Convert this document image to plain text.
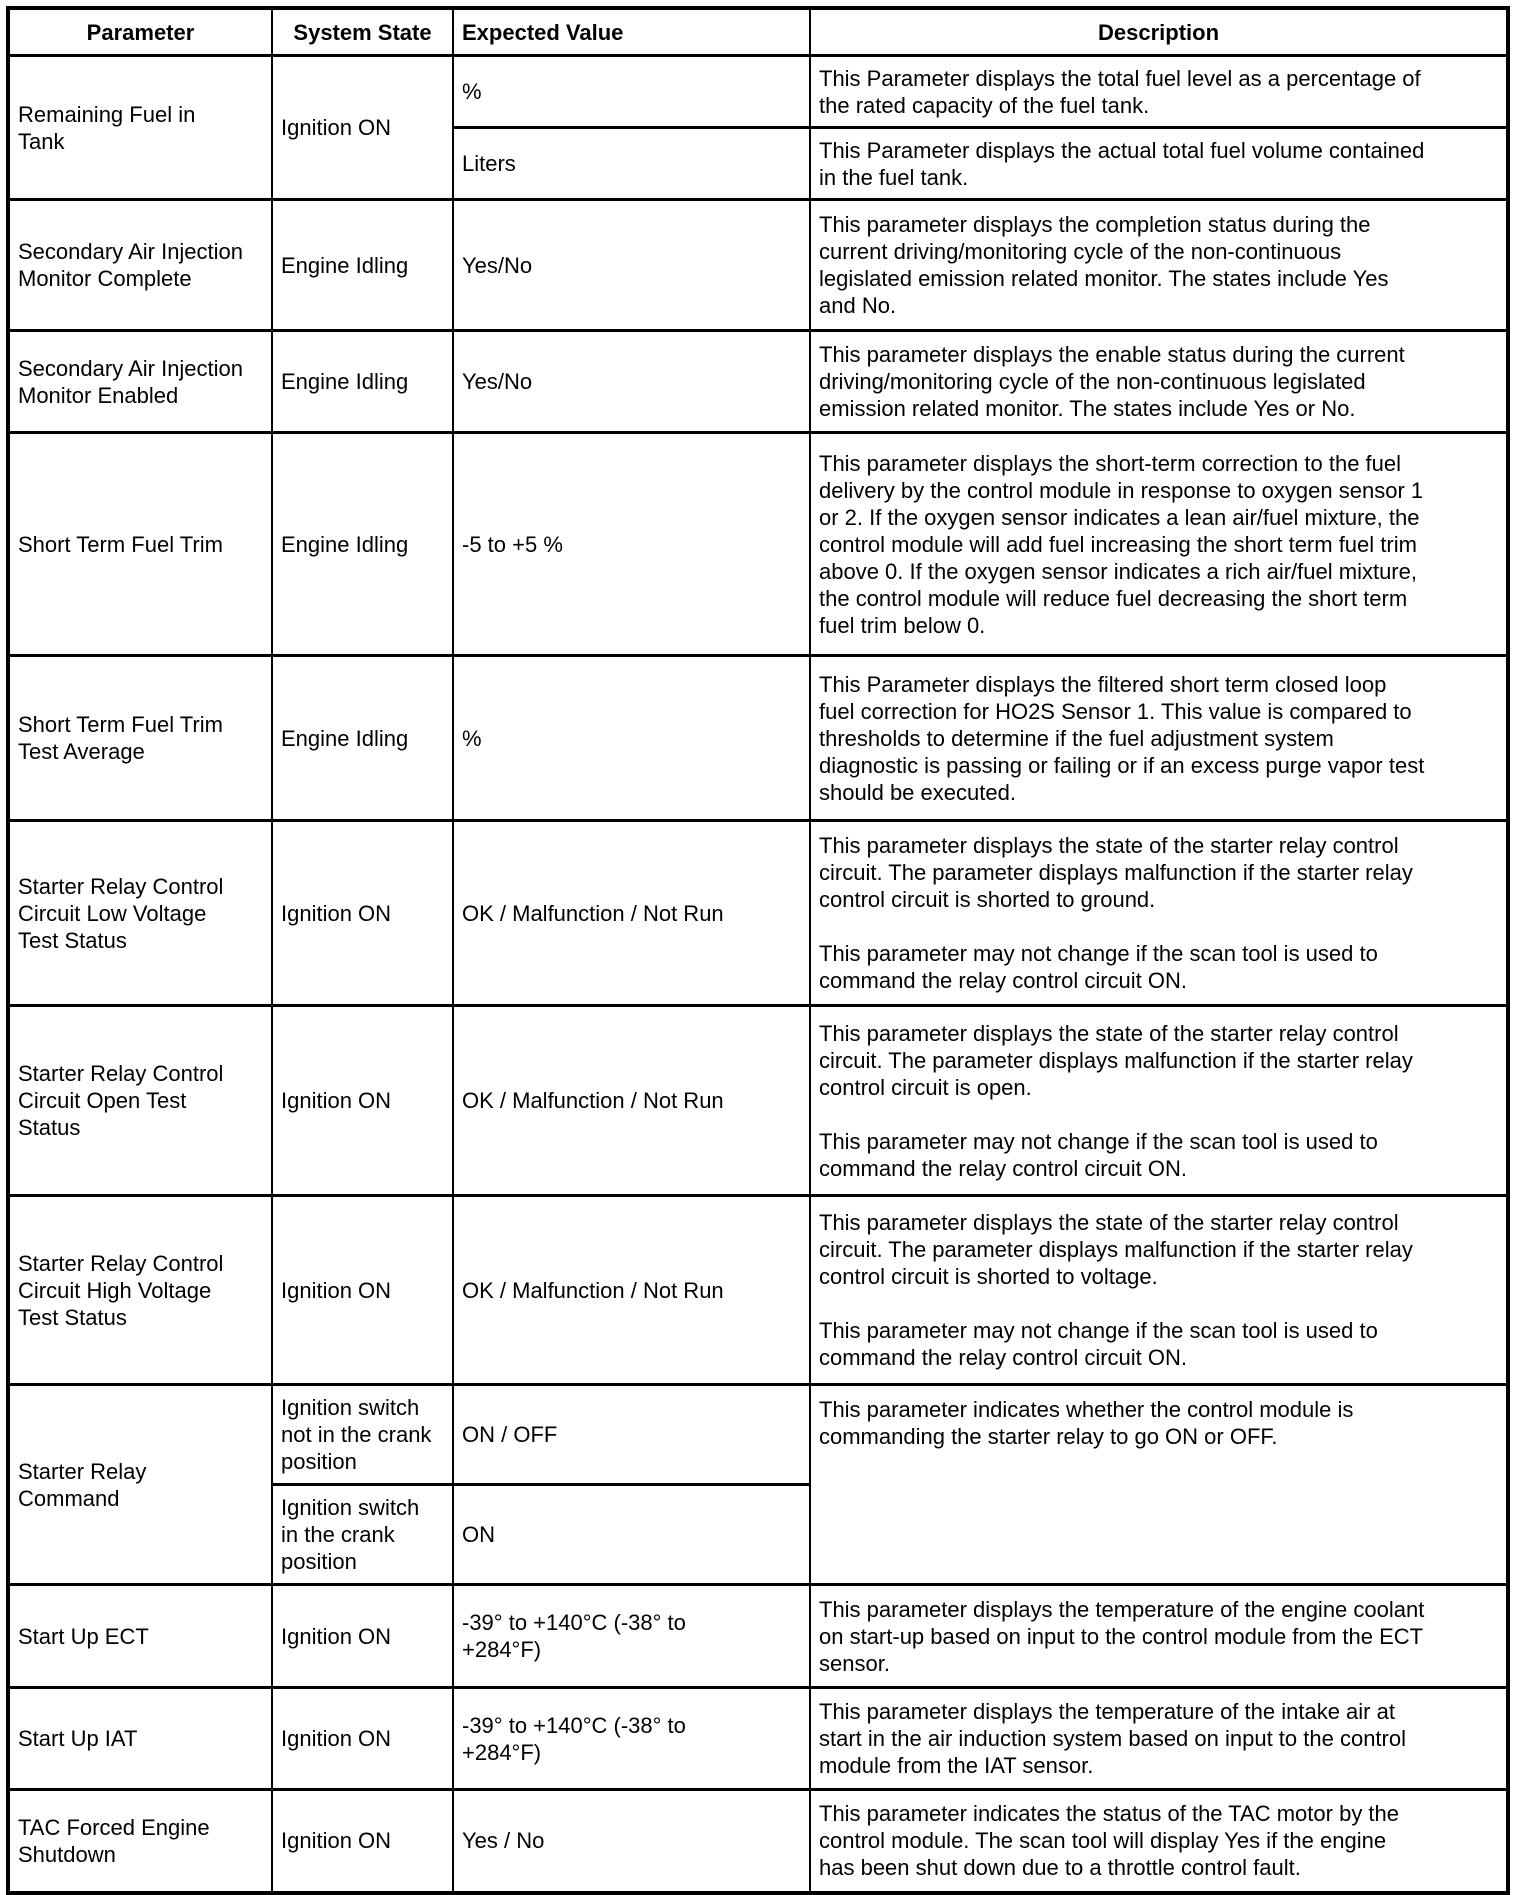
Parameter	System State	Expected Value	Description
Remaining Fuel in Tank	Ignition ON	%	This Parameter displays the total fuel level as a percentage of the rated capacity of the fuel tank.
		Liters	This Parameter displays the actual total fuel volume contained in the fuel tank.
Secondary Air Injection Monitor Complete	Engine Idling	Yes/No	This parameter displays the completion status during the current driving/monitoring cycle of the non-continuous legislated emission related monitor. The states include Yes and No.
Secondary Air Injection Monitor Enabled	Engine Idling	Yes/No	This parameter displays the enable status during the current driving/monitoring cycle of the non-continuous legislated emission related monitor. The states include Yes or No.
Short Term Fuel Trim	Engine Idling	-5 to +5 %	This parameter displays the short-term correction to the fuel delivery by the control module in response to oxygen sensor 1 or 2. If the oxygen sensor indicates a lean air/fuel mixture, the control module will add fuel increasing the short term fuel trim above 0. If the oxygen sensor indicates a rich air/fuel mixture, the control module will reduce fuel decreasing the short term fuel trim below 0.
Short Term Fuel Trim Test Average	Engine Idling	%	This Parameter displays the filtered short term closed loop fuel correction for HO2S Sensor 1. This value is compared to thresholds to determine if the fuel adjustment system diagnostic is passing or failing or if an excess purge vapor test should be executed.
Starter Relay Control Circuit Low Voltage Test Status	Ignition ON	OK / Malfunction / Not Run	This parameter displays the state of the starter relay control circuit. The parameter displays malfunction if the starter relay control circuit is shorted to ground.

This parameter may not change if the scan tool is used to command the relay control circuit ON.

Starter Relay Control Circuit Open Test Status	Ignition ON	OK / Malfunction / Not Run	This parameter displays the state of the starter relay control circuit. The parameter displays malfunction if the starter relay control circuit is open.

This parameter may not change if the scan tool is used to command the relay control circuit ON.

Starter Relay Control Circuit High Voltage Test Status	Ignition ON	OK / Malfunction / Not Run	This parameter displays the state of the starter relay control circuit. The parameter displays malfunction if the starter relay control circuit is shorted to voltage.

This parameter may not change if the scan tool is used to command the relay control circuit ON.

Starter Relay Command	Ignition switch not in the crank position	ON / OFF	This parameter indicates whether the control module is commanding the starter relay to go ON or OFF.
	Ignition switch in the crank position	ON	
Start Up ECT	Ignition ON	-39° to +140°C (-38° to +284°F)	This parameter displays the temperature of the engine coolant on start-up based on input to the control module from the ECT sensor.
Start Up IAT	Ignition ON	-39° to +140°C (-38° to +284°F)	This parameter displays the temperature of the intake air at start in the air induction system based on input to the control module from the IAT sensor.
TAC Forced Engine Shutdown	Ignition ON	Yes / No	This parameter indicates the status of the TAC motor by the control module. The scan tool will display Yes if the engine has been shut down due to a throttle control fault.
